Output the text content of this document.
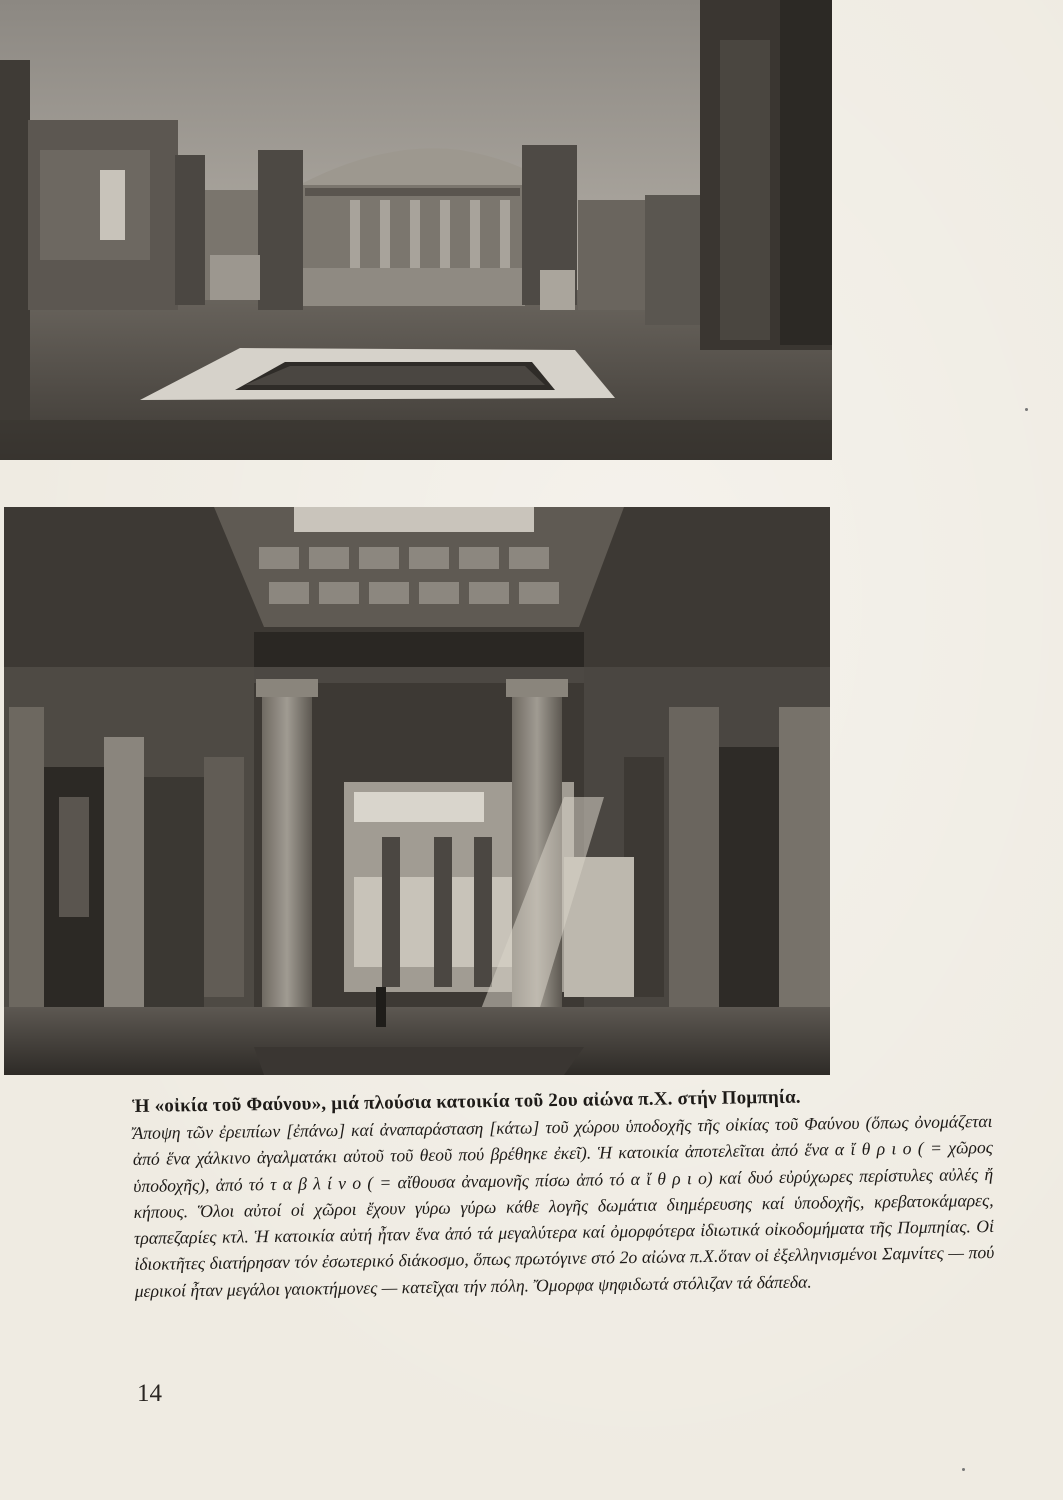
Ἡ «οἰκία τοῦ Φαύνου», μιά πλούσια κατοικία τοῦ 2ου αἰώνα π.Χ. στήν Πομπηία.

Ἄποψη τῶν ἐρειπίων [ἐπάνω] καί ἀναπαράσταση [κάτω] τοῦ χώρου ὑποδοχῆς τῆς οἰκίας τοῦ Φαύνου (ὅπως ὀνομάζεται ἀπό ἕνα χάλκινο ἀγαλματάκι αὐτοῦ τοῦ θεοῦ πού βρέθηκε ἐκεῖ). Ἡ κατοικία ἀποτελεῖται ἀπό ἕνα α ἴ θ ρ ι ο ( = χῶρος ὑποδοχῆς), ἀπό τό τ α β λ ί ν ο ( = αἴθουσα ἀναμονῆς πίσω ἀπό τό α ἴ θ ρ ι ο) καί δυό εὐρύχωρες περίστυλες αὐλές ἤ κήπους. Ὅλοι αὐτοί οἱ χῶροι ἔχουν γύρω γύρω κάθε λογῆς δωμάτια διημέρευσης καί ὑποδοχῆς, κρεβατοκάμαρες, τραπεζαρίες κτλ. Ἡ κατοικία αὐτή ἦταν ἕνα ἀπό τά μεγαλύτερα καί ὀμορφότερα ἰδιωτικά οἰκοδομήματα τῆς Πομπηίας. Οἱ ἰδιοκτῆτες διατήρησαν τόν ἐσωτερικό διάκοσμο, ὅπως πρωτόγινε στό 2ο αἰώνα π.Χ.ὅταν οἱ ἐξελληνισμένοι Σαμνίτες — πού μερικοί ἦταν μεγάλοι γαιοκτήμονες — κατεῖχαι τήν πόλη. Ὄμορφα ψηφιδωτά στόλιζαν τά δάπεδα.

14
